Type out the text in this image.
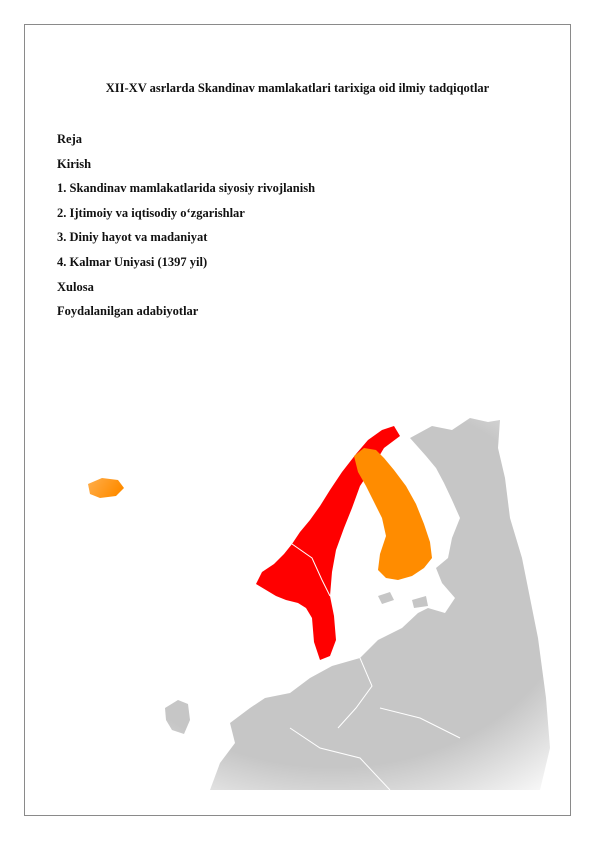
XII-XV asrlarda Skandinav mamlakatlari tarixiga oid ilmiy tadqiqotlar
Reja
Kirish
1. Skandinav mamlakatlarida siyosiy rivojlanish
2. Ijtimoiy va iqtisodiy o‘zgarishlar
3. Diniy hayot va madaniyat
4. Kalmar Uniyasi (1397 yil)
Xulosa
Foydalanilgan adabiyotlar
